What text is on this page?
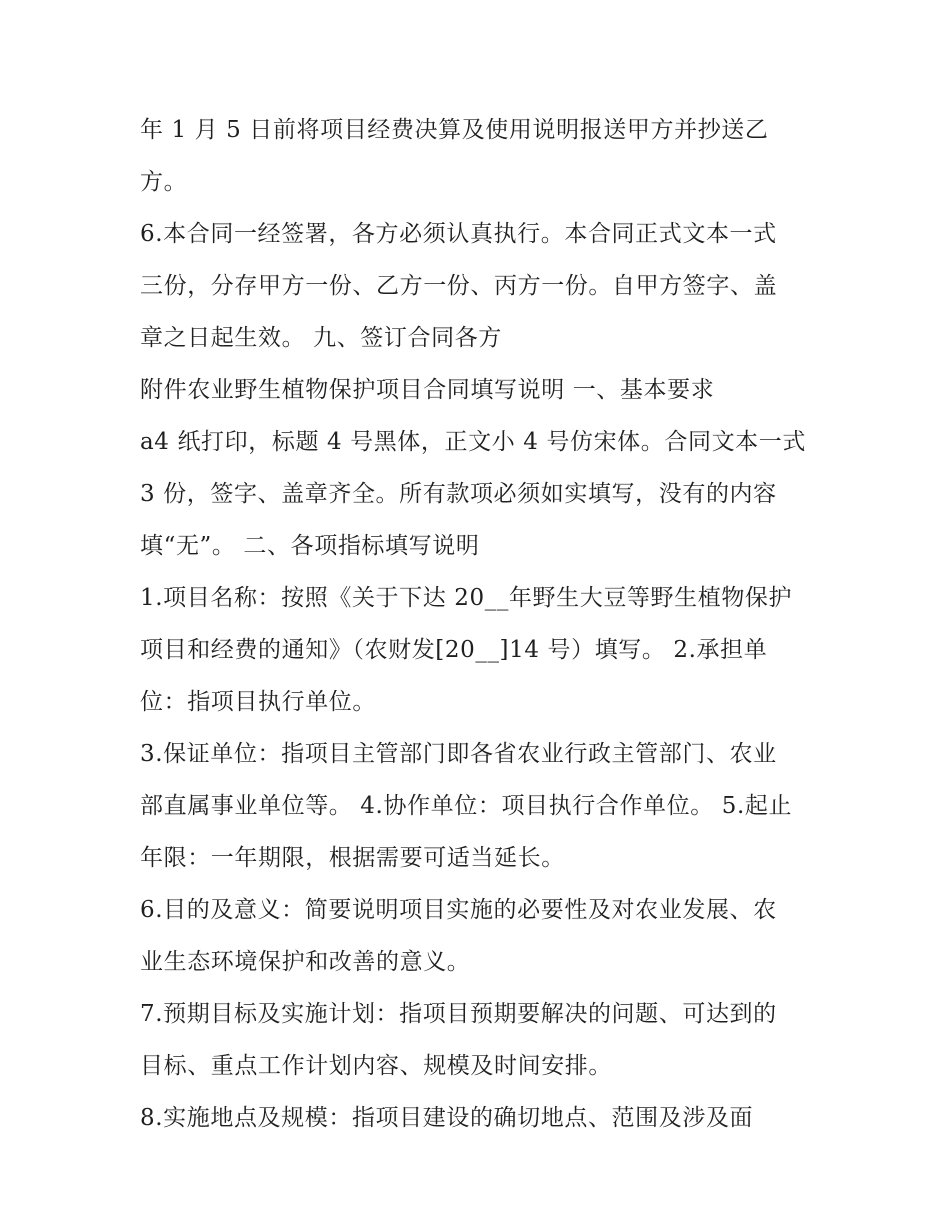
年 1 月 5 日前将项目经费决算及使用说明报送甲方并抄送乙
方。
6.本合同一经签署，各方必须认真执行。本合同正式文本一式
三份，分存甲方一份、乙方一份、丙方一份。自甲方签字、盖
章之日起生效。 九、签订合同各方
附件农业野生植物保护项目合同填写说明 一、基本要求
a4 纸打印，标题 4 号黑体，正文小 4 号仿宋体。合同文本一式
3 份，签字、盖章齐全。所有款项必须如实填写，没有的内容
填“无”。 二、各项指标填写说明
1.项目名称：按照《关于下达 20__年野生大豆等野生植物保护
项目和经费的通知》（农财发[20__]14 号）填写。 2.承担单
位：指项目执行单位。
3.保证单位：指项目主管部门即各省农业行政主管部门、农业
部直属事业单位等。 4.协作单位：项目执行合作单位。 5.起止
年限：一年期限，根据需要可适当延长。
6.目的及意义：简要说明项目实施的必要性及对农业发展、农
业生态环境保护和改善的意义。
7.预期目标及实施计划：指项目预期要解决的问题、可达到的
目标、重点工作计划内容、规模及时间安排。
8.实施地点及规模：指项目建设的确切地点、范围及涉及面
